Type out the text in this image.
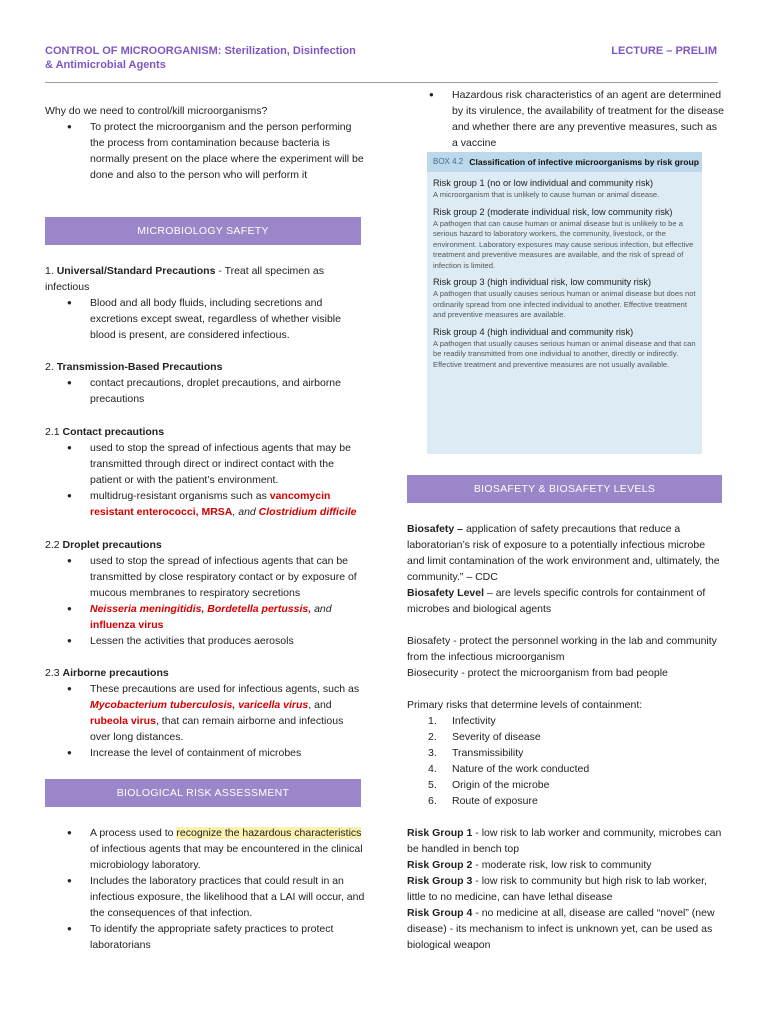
CONTROL OF MICROORGANISM: Sterilization, Disinfection & Antimicrobial Agents
LECTURE – PRELIM

Why do we need to control/kill microorganisms?

● To protect the microorganism and the person performing the process from contamination because bacteria is normally present on the place where the experiment will be done and also to the person who will perform it
MICROBIOLOGY SAFETY

1. Universal/Standard Precautions - Treat all specimen as infectious

● Blood and all body fluids, including secretions and excretions except sweat, regardless of whether visible blood is present, are considered infectious.

2. Transmission-Based Precautions

● contact precautions, droplet precautions, and airborne precautions

2.1 Contact precautions

● used to stop the spread of infectious agents that may be transmitted through direct or indirect contact with the patient or with the patient’s environment.
● multidrug-resistant organisms such as vancomycin resistant enterococci, MRSA, and Clostridium difficile

2.2 Droplet precautions

● used to stop the spread of infectious agents that can be transmitted by close respiratory contact or by exposure of mucous membranes to respiratory secretions
● Neisseria meningitidis, Bordetella pertussis, and influenza virus
● Lessen the activities that produces aerosols

2.3 Airborne precautions

● These precautions are used for infectious agents, such as Mycobacterium tuberculosis, varicella virus, and rubeola virus, that can remain airborne and infectious over long distances.
● Increase the level of containment of microbes
BIOLOGICAL RISK ASSESSMENT
● A process used to recognize the hazardous characteristics of infectious agents that may be encountered in the clinical microbiology laboratory.
● Includes the laboratory practices that could result in an infectious exposure, the likelihood that a LAI will occur, and the consequences of that infection.
● To identify the appropriate safety practices to protect laboratorians
● Hazardous risk characteristics of an agent are determined by its virulence, the availability of treatment for the disease and whether there are any preventive measures, such as a vaccine
BOX 4.2 Classification of infective microorganisms by risk group
Risk group 1 (no or low individual and community risk)
A microorganism that is unlikely to cause human or animal disease.
Risk group 2 (moderate individual risk, low community risk)
A pathogen that can cause human or animal disease but is unlikely to be a serious hazard to laboratory workers, the community, livestock, or the environment. Laboratory exposures may cause serious infection, but effective treatment and preventive measures are available, and the risk of spread of infection is limited.
Risk group 3 (high individual risk, low community risk)
A pathogen that usually causes serious human or animal disease but does not ordinarily spread from one infected individual to another. Effective treatment and preventive measures are available.
Risk group 4 (high individual and community risk)
A pathogen that usually causes serious human or animal disease and that can be readily transmitted from one individual to another, directly or indirectly. Effective treatment and preventive measures are not usually available.
BIOSAFETY & BIOSAFETY LEVELS

Biosafety – application of safety precautions that reduce a laboratorian’s risk of exposure to a potentially infectious microbe and limit contamination of the work environment and, ultimately, the community.” – CDC

Biosafety Level – are levels specific controls for containment of microbes and biological agents

Biosafety - protect the personnel working in the lab and community from the infectious microorganism

Biosecurity - protect the microorganism from bad people

Primary risks that determine levels of containment:

1. Infectivity
2. Severity of disease
3. Transmissibility
4. Nature of the work conducted
5. Origin of the microbe
6. Route of exposure

Risk Group 1 - low risk to lab worker and community, microbes can be handled in bench top

Risk Group 2 - moderate risk, low risk to community

Risk Group 3 - low risk to community but high risk to lab worker, little to no medicine, can have lethal disease

Risk Group 4 - no medicine at all, disease are called “novel” (new disease) - its mechanism to infect is unknown yet, can be used as biological weapon
